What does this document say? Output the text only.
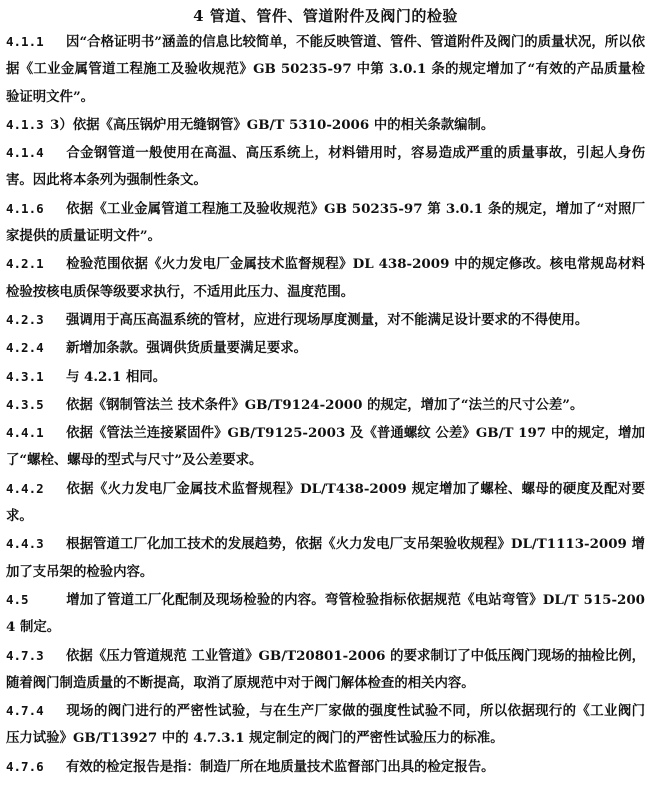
4 管道、管件、管道附件及阀门的检验

4.1.1 因“合格证明书”涵盖的信息比较简单，不能反映管道、管件、管道附件及阀门的质量状况，所以依据《工业金属管道工程施工及验收规范》GB 50235-97 中第 3.0.1 条的规定增加了“有效的产品质量检验证明文件”。

4.1.3 3）依据《高压锅炉用无缝钢管》GB/T 5310-2006 中的相关条款编制。

4.1.4 合金钢管道一般使用在高温、高压系统上，材料错用时，容易造成严重的质量事故，引起人身伤害。因此将本条列为强制性条文。

4.1.6 依据《工业金属管道工程施工及验收规范》GB 50235-97 第 3.0.1 条的规定，增加了“对照厂家提供的质量证明文件”。

4.2.1 检验范围依据《火力发电厂金属技术监督规程》DL 438-2009 中的规定修改。核电常规岛材料检验按核电质保等级要求执行，不适用此压力、温度范围。

4.2.3 强调用于高压高温系统的管材，应进行现场厚度测量，对不能满足设计要求的不得使用。

4.2.4 新增加条款。强调供货质量要满足要求。

4.3.1 与 4.2.1 相同。

4.3.5 依据《钢制管法兰 技术条件》GB/T9124-2000 的规定，增加了“法兰的尺寸公差”。

4.4.1 依据《管法兰连接紧固件》GB/T9125-2003 及《普通螺纹 公差》GB/T 197 中的规定，增加了“螺栓、螺母的型式与尺寸”及公差要求。

4.4.2 依据《火力发电厂金属技术监督规程》DL/T438-2009 规定增加了螺栓、螺母的硬度及配对要求。

4.4.3 根据管道工厂化加工技术的发展趋势，依据《火力发电厂支吊架验收规程》DL/T1113-2009 增加了支吊架的检验内容。

4.5	增加了管道工厂化配制及现场检验的内容。弯管检验指标依据规范《电站弯管》DL/T 515-2004 制定。

4.7.3 依据《压力管道规范 工业管道》GB/T20801-2006 的要求制订了中低压阀门现场的抽检比例，随着阀门制造质量的不断提高，取消了原规范中对于阀门解体检查的相关内容。

4.7.4 现场的阀门进行的严密性试验，与在生产厂家做的强度性试验不同，所以依据现行的《工业阀门 压力试验》GB/T13927 中的 4.7.3.1 规定制定的阀门的严密性试验压力的标准。

4.7.6 有效的检定报告是指：制造厂所在地质量技术监督部门出具的检定报告。
